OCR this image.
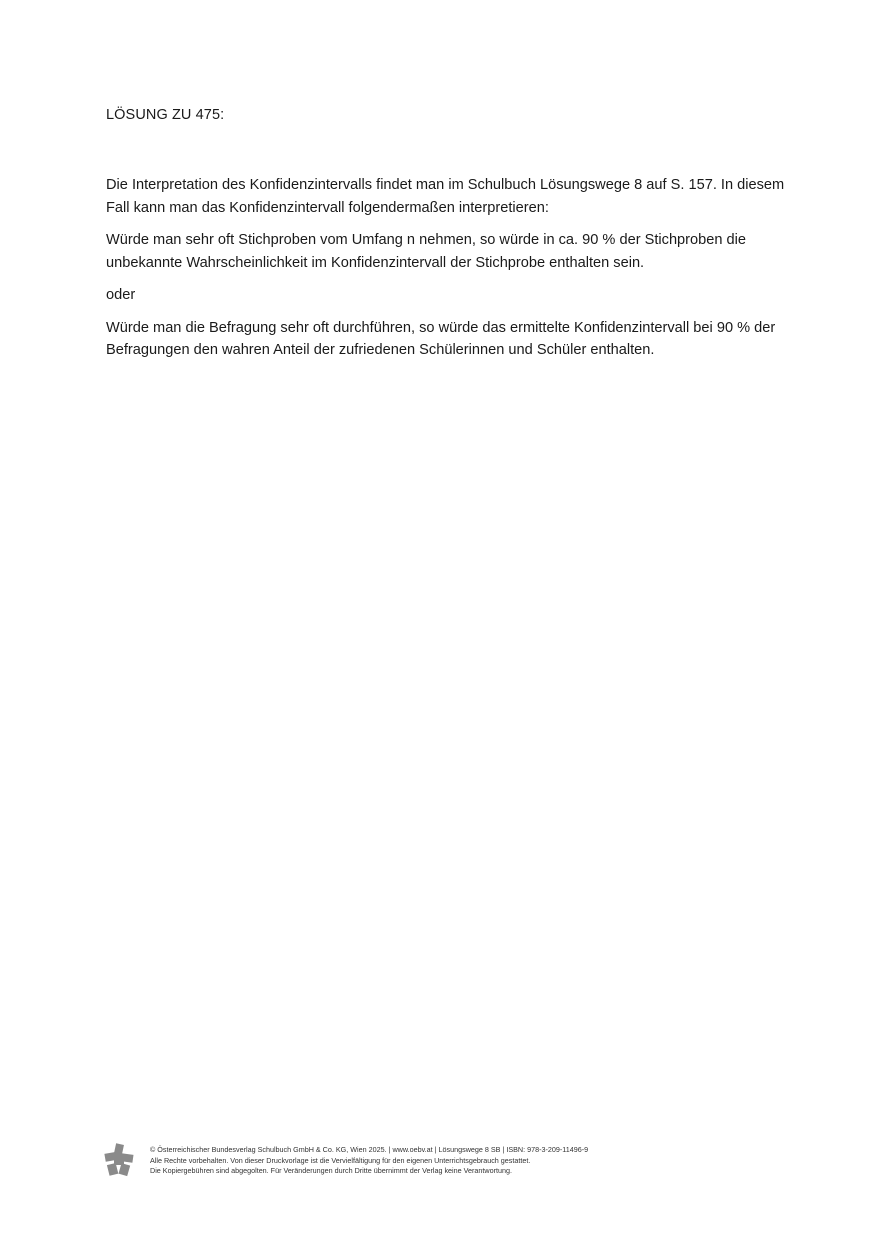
LÖSUNG ZU 475:

Die Interpretation des Konfidenzintervalls findet man im Schulbuch Lösungswege 8 auf S. 157. In diesem Fall kann man das Konfidenzintervall folgendermaßen interpretieren:

Würde man sehr oft Stichproben vom Umfang n nehmen, so würde in ca. 90 % der Stichproben die unbekannte Wahrscheinlichkeit im Konfidenzintervall der Stichprobe enthalten sein.

oder

Würde man die Befragung sehr oft durchführen, so würde das ermittelte Konfidenzintervall bei 90 % der Befragungen den wahren Anteil der zufriedenen Schülerinnen und Schüler enthalten.

© Österreichischer Bundesverlag Schulbuch GmbH & Co. KG, Wien 2025. | www.oebv.at | Lösungswege 8 SB | ISBN: 978-3-209-11496-9
Alle Rechte vorbehalten. Von dieser Druckvorlage ist die Vervielfältigung für den eigenen Unterrichtsgebrauch gestattet.
Die Kopiergebühren sind abgegolten. Für Veränderungen durch Dritte übernimmt der Verlag keine Verantwortung.
